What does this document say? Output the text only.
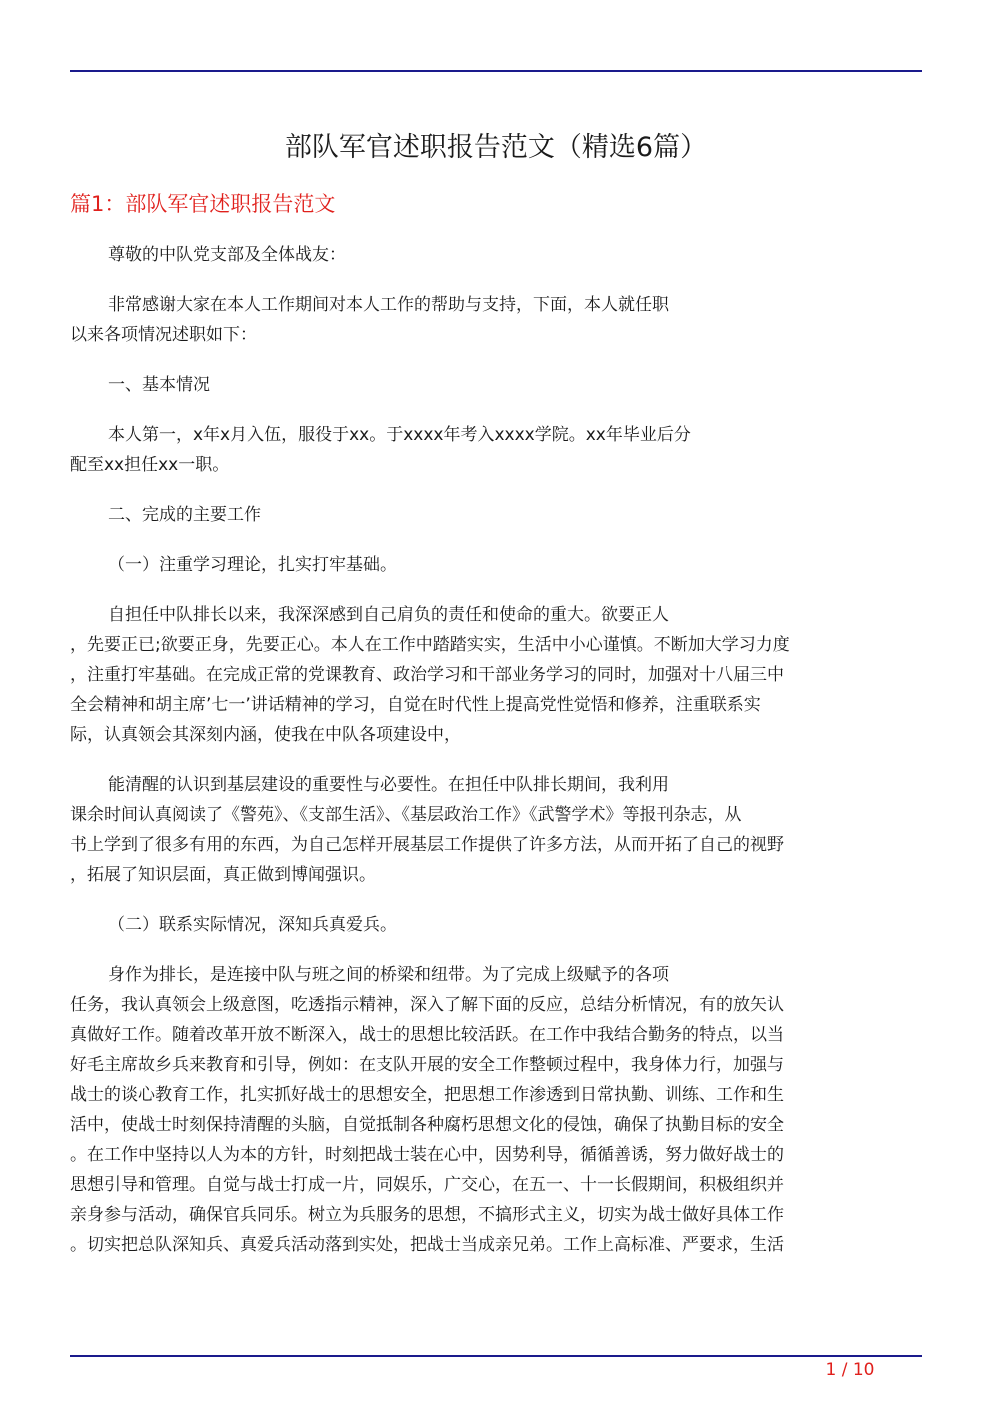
部队军官述职报告范文（精选6篇）
篇1：部队军官述职报告范文

尊敬的中队党支部及全体战友：

非常感谢大家在本人工作期间对本人工作的帮助与支持，下面，本人就任职
以来各项情况述职如下：

一、基本情况

本人第一，x年x月入伍，服役于xx。于xxxx年考入xxxx学院。xx年毕业后分
配至xx担任xx一职。

二、完成的主要工作

（一）注重学习理论，扎实打牢基础。

自担任中队排长以来，我深深感到自己肩负的责任和使命的重大。欲要正人
，先要正已;欲要正身，先要正心。本人在工作中踏踏实实，生活中小心谨慎。不断加大学习力度
，注重打牢基础。在完成正常的党课教育、政治学习和干部业务学习的同时，加强对十八届三中
全会精神和胡主席’七一’讲话精神的学习，自觉在时代性上提高党性觉悟和修养，注重联系实
际，认真领会其深刻内涵，使我在中队各项建设中，

能清醒的认识到基层建设的重要性与必要性。在担任中队排长期间，我利用
课余时间认真阅读了《警苑》、《支部生活》、《基层政治工作》《武警学术》等报刊杂志，从
书上学到了很多有用的东西，为自己怎样开展基层工作提供了许多方法，从而开拓了自己的视野
，拓展了知识层面，真正做到博闻强识。

（二）联系实际情况，深知兵真爱兵。

身作为排长，是连接中队与班之间的桥梁和纽带。为了完成上级赋予的各项
任务，我认真领会上级意图，吃透指示精神，深入了解下面的反应，总结分析情况，有的放矢认
真做好工作。随着改革开放不断深入，战士的思想比较活跃。在工作中我结合勤务的特点，以当
好毛主席故乡兵来教育和引导，例如：在支队开展的安全工作整顿过程中，我身体力行，加强与
战士的谈心教育工作，扎实抓好战士的思想安全，把思想工作渗透到日常执勤、训练、工作和生
活中，使战士时刻保持清醒的头脑，自觉抵制各种腐朽思想文化的侵蚀，确保了执勤目标的安全
。在工作中坚持以人为本的方针，时刻把战士装在心中，因势利导，循循善诱，努力做好战士的
思想引导和管理。自觉与战士打成一片，同娱乐，广交心，在五一、十一长假期间，积极组织并
亲身参与活动，确保官兵同乐。树立为兵服务的思想，不搞形式主义，切实为战士做好具体工作
。切实把总队深知兵、真爱兵活动落到实处，把战士当成亲兄弟。工作上高标准、严要求，生活

1 / 10
